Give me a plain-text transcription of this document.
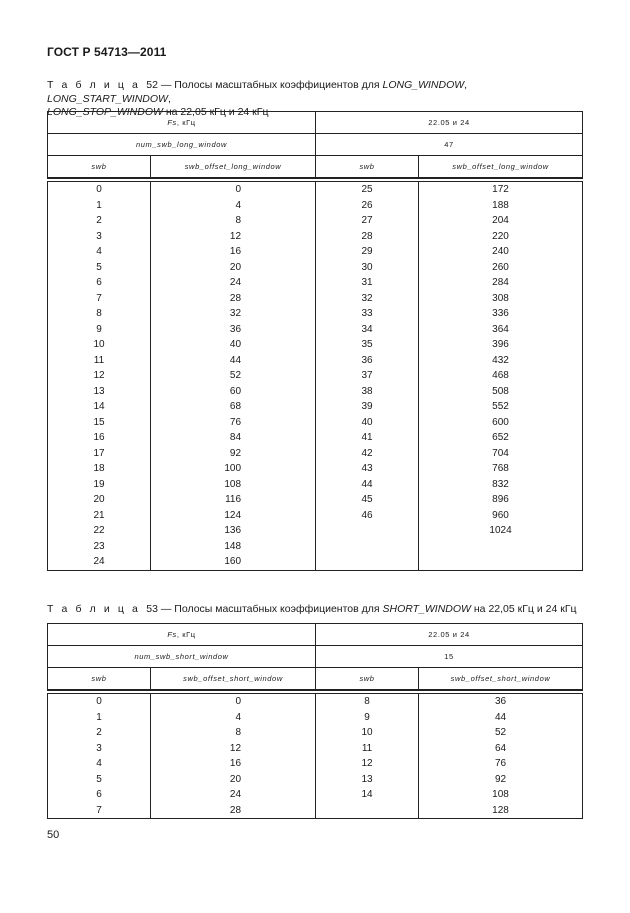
ГОСТ Р 54713—2011
Т а б л и ц а 52 — Полосы масштабных коэффициентов для LONG_WINDOW, LONG_START_WINDOW,
LONG_STOP_WINDOW на 22,05 кГц и 24 кГц
Fs, кГц		22.05 и 24	
num_swb_long_window		47	
swb	swb_offset_long_window	swb	swb_offset_long_window

0	0	25	172
1	4	26	188
2	8	27	204
3	12	28	220
4	16	29	240
5	20	30	260
6	24	31	284
7	28	32	308
8	32	33	336
9	36	34	364
10	40	35	396
11	44	36	432
12	52	37	468
13	60	38	508
14	68	39	552
15	76	40	600
16	84	41	652
17	92	42	704
18	100	43	768
19	108	44	832
20	116	45	896
21	124	46	960
22	136		1024
23	148		
24	160		
Т а б л и ц а 53 — Полосы масштабных коэффициентов для SHORT_WINDOW на 22,05 кГц и 24 кГц
Fs, кГц		22.05 и 24	
num_swb_short_window		15	
swb	swb_offset_short_window	swb	swb_offset_short_window

0	0	8	36
1	4	9	44
2	8	10	52
3	12	11	64
4	16	12	76
5	20	13	92
6	24	14	108
7	28		128
50
